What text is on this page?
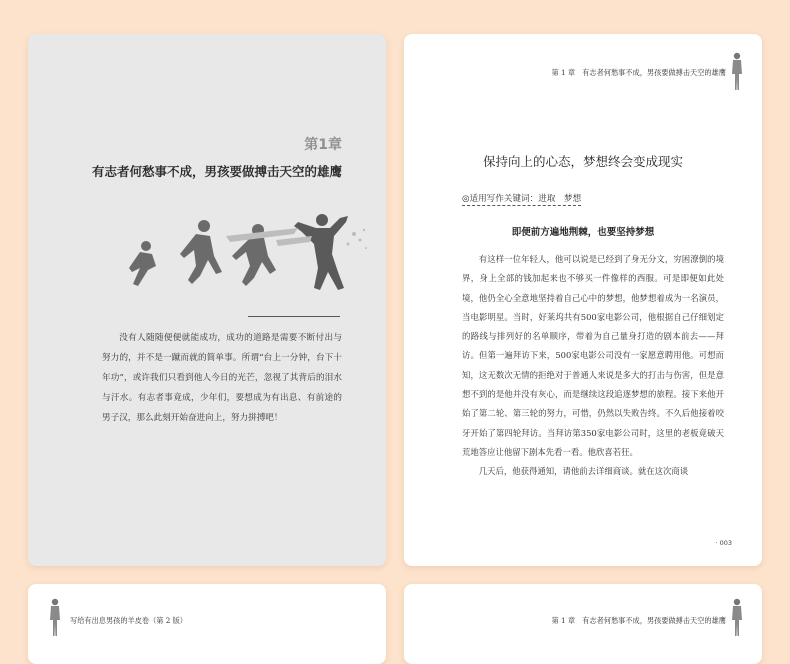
第1章
有志者何愁事不成，男孩要做搏击天空的雄鹰
没有人随随便便就能成功，成功的道路是需要不断付出与努力的，并不是一蹴而就的简单事。所谓“台上一分钟，台下十年功”，或许我们只看到他人今日的光芒，忽视了其背后的泪水与汗水。有志者事竟成，少年们，要想成为有出息、有前途的男子汉，那么此刻开始奋进向上，努力拼搏吧！
第 1 章　有志者何愁事不成，男孩要做搏击天空的雄鹰
保持向上的心态，梦想终会变成现实
◎适用写作关键词：进取　梦想
即便前方遍地荆棘，也要坚持梦想

有这样一位年轻人，他可以说是已经到了身无分文，穷困潦倒的境界，身上全部的钱加起来也不够买一件像样的西服。可是即便如此处境，他仍全心全意地坚持着自己心中的梦想，他梦想着成为一名演员，当电影明星。当时，好莱坞共有500家电影公司，他根据自己仔细划定的路线与排列好的名单顺序，带着为自己量身打造的剧本前去——拜访。但第一遍拜访下来，500家电影公司没有一家愿意聘用他。可想而知，这无数次无情的拒绝对于普通人来说是多大的打击与伤害，但是意想不到的是他并没有灰心，而是继续这段追逐梦想的旅程。接下来他开始了第二轮、第三轮的努力，可惜，仍然以失败告终。不久后他接着咬牙开始了第四轮拜访。当拜访第350家电影公司时，这里的老板竟破天荒地答应让他留下剧本先看一看。他欣喜若狂。

几天后，他获得通知，请他前去详细商谈。就在这次商谈

· 003
写给有出息男孩的羊皮卷（第 2 版）	第 1 章　有志者何愁事不成，男孩要做搏击天空的雄鹰
